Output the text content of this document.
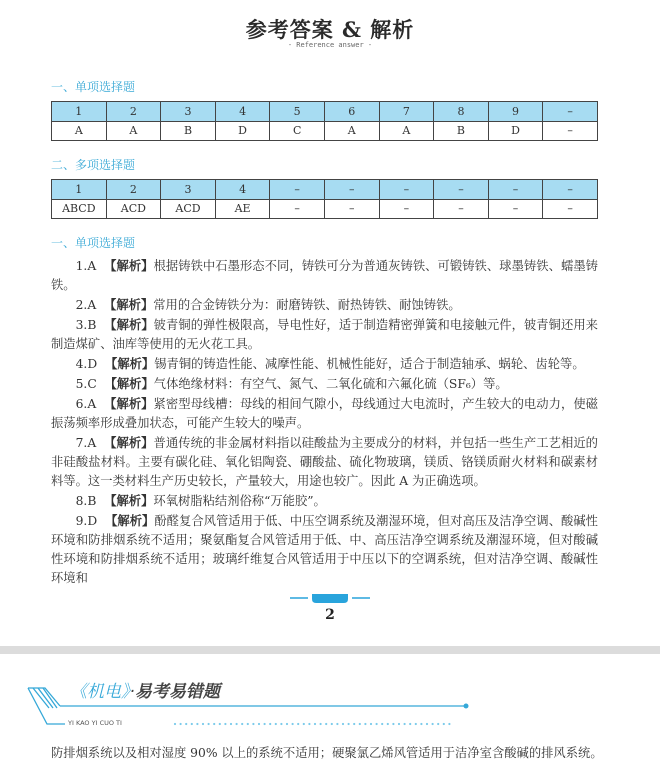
参考答案 & 解析
- Reference answer -
一、单项选择题
1	2	3	4	5	6	7	8	9	–
A	A	B	D	C	A	A	B	D	–
二、多项选择题
1	2	3	4	–	–	–	–	–	–
ABCD	ACD	ACD	AE	–	–	–	–	–	–
一、单项选择题

1.A 【解析】根据铸铁中石墨形态不同，铸铁可分为普通灰铸铁、可锻铸铁、球墨铸铁、蠕墨铸铁。

2.A 【解析】常用的合金铸铁分为：耐磨铸铁、耐热铸铁、耐蚀铸铁。

3.B 【解析】铍青铜的弹性极限高，导电性好，适于制造精密弹簧和电接触元件，铍青铜还用来制造煤矿、油库等使用的无火花工具。

4.D 【解析】锡青铜的铸造性能、减摩性能、机械性能好，适合于制造轴承、蜗轮、齿轮等。

5.C 【解析】气体绝缘材料：有空气、氮气、二氧化硫和六氟化硫（SF₆）等。

6.A 【解析】紧密型母线槽：母线的相间气隙小，母线通过大电流时，产生较大的电动力，使磁振荡频率形成叠加状态，可能产生较大的噪声。

7.A 【解析】普通传统的非金属材料指以硅酸盐为主要成分的材料，并包括一些生产工艺相近的非硅酸盐材料。主要有碳化硅、氧化铝陶瓷、硼酸盐、硫化物玻璃，镁质、铬镁质耐火材料和碳素材料等。这一类材料生产历史较长，产量较大，用途也较广。因此 A 为正确选项。

8.B 【解析】环氧树脂粘结剂俗称“万能胶”。

9.D 【解析】酚醛复合风管适用于低、中压空调系统及潮湿环境，但对高压及洁净空调、酸碱性环境和防排烟系统不适用；聚氨酯复合风管适用于低、中、高压洁净空调系统及潮湿环境，但对酸碱性环境和防排烟系统不适用；玻璃纤维复合风管适用于中压以下的空调系统，但对洁净空调、酸碱性环境和

2
《机电》·易考易错题
YI KAO YI CUO TI
防排烟系统以及相对湿度 90% 以上的系统不适用；硬聚氯乙烯风管适用于洁净室含酸碱的排风系统。
